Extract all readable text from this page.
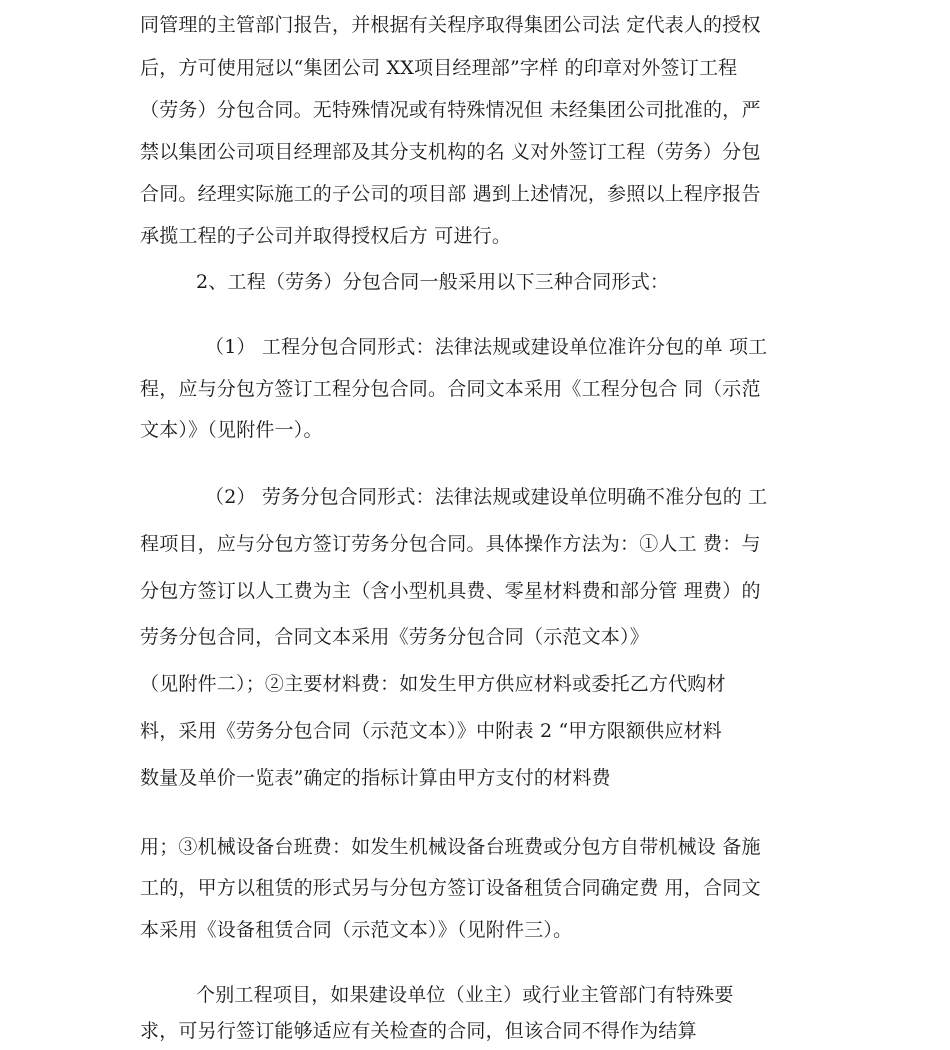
同管理的主管部门报告，并根据有关程序取得集团公司法 定代表人的授权
后，方可使用冠以“集团公司 XX项目经理部”字样 的印章对外签订工程
（劳务）分包合同。无特殊情况或有特殊情况但 未经集团公司批准的，严
禁以集团公司项目经理部及其分支机构的名 义对外签订工程（劳务）分包
合同。经理实际施工的子公司的项目部 遇到上述情况，参照以上程序报告
承揽工程的子公司并取得授权后方 可进行。
2、工程（劳务）分包合同一般采用以下三种合同形式：
（1） 工程分包合同形式：法律法规或建设单位准许分包的单 项工
程，应与分包方签订工程分包合同。合同文本采用《工程分包合 同（示范
文本）》（见附件一）。
（2） 劳务分包合同形式：法律法规或建设单位明确不准分包的 工
程项目，应与分包方签订劳务分包合同。具体操作方法为：①人工 费：与
分包方签订以人工费为主（含小型机具费、零星材料费和部分管 理费）的
劳务分包合同，合同文本采用《劳务分包合同（示范文本）》
（见附件二）；②主要材料费：如发生甲方供应材料或委托乙方代购材
料，采用《劳务分包合同（示范文本）》中附表 2 “甲方限额供应材料
数量及单价一览表”确定的指标计算由甲方支付的材料费
用；③机械设备台班费：如发生机械设备台班费或分包方自带机械设 备施
工的，甲方以租赁的形式另与分包方签订设备租赁合同确定费 用，合同文
本采用《设备租赁合同（示范文本）》（见附件三）。
个别工程项目，如果建设单位（业主）或行业主管部门有特殊要
求，可另行签订能够适应有关检查的合同，但该合同不得作为结算
